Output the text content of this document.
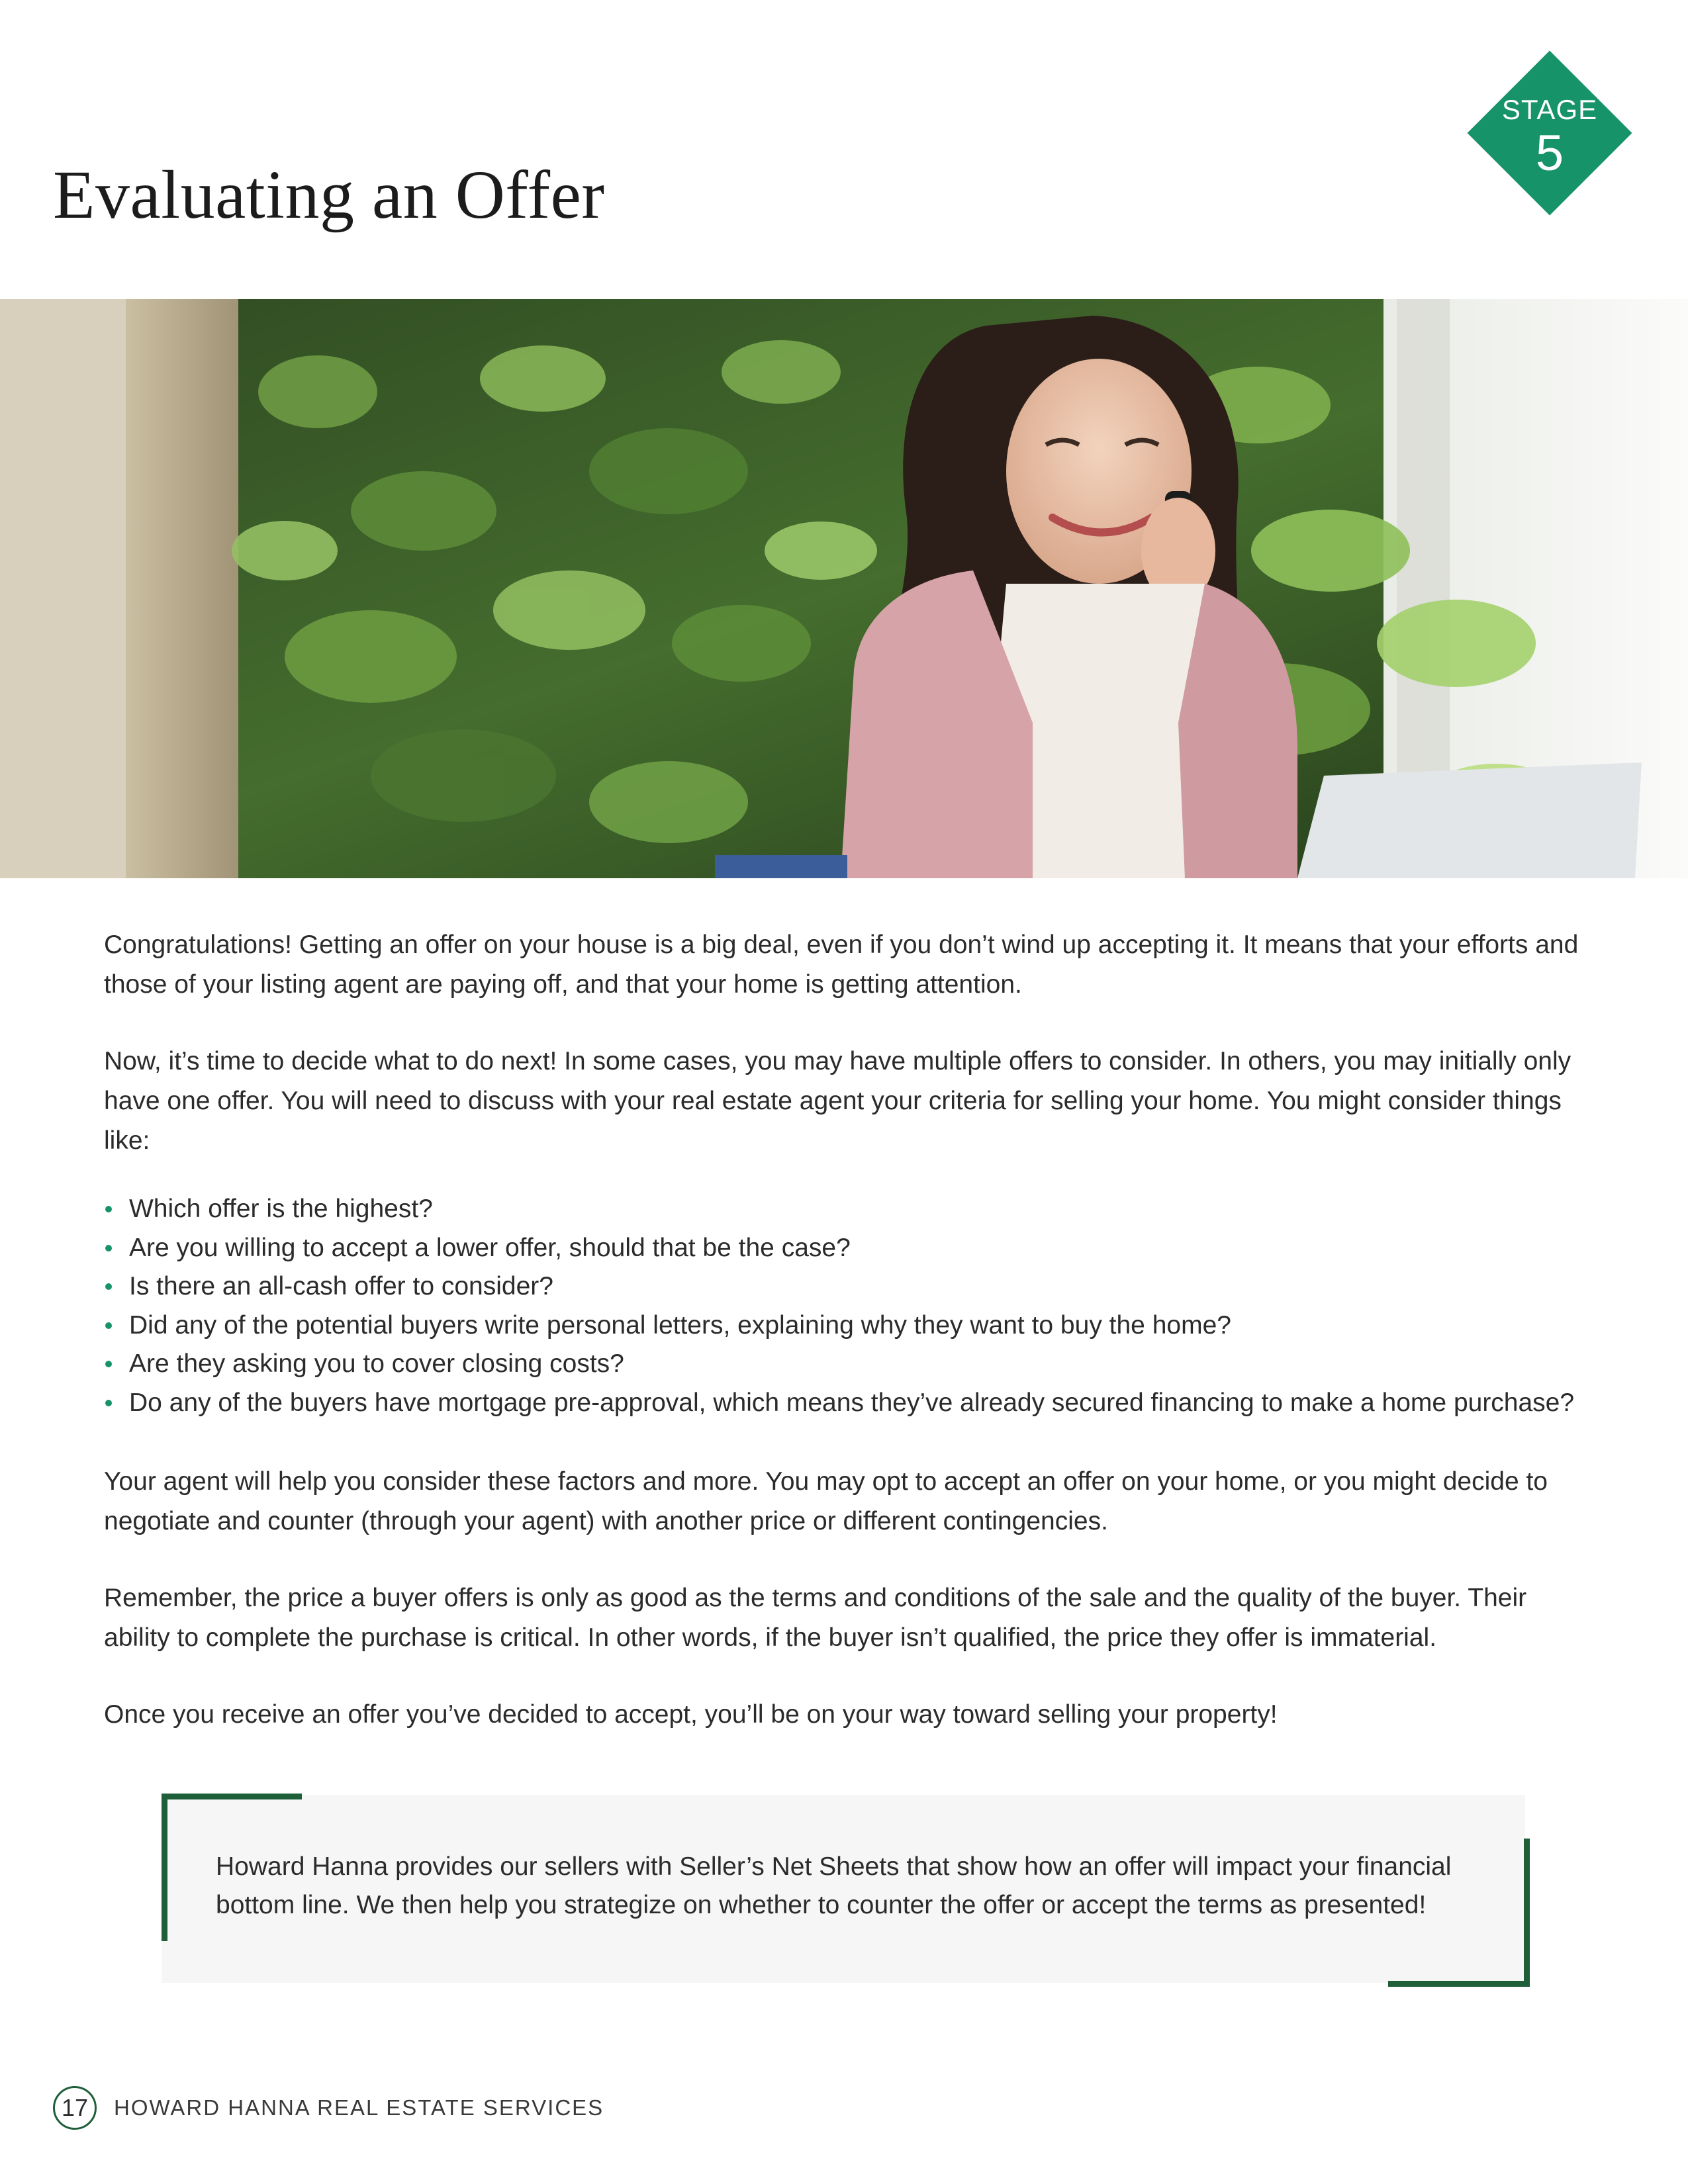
Evaluating an Offer
STAGE
5

Congratulations! Getting an offer on your house is a big deal, even if you don’t wind up accepting it. It means that your efforts and those of your listing agent are paying off, and that your home is getting attention.

Now, it’s time to decide what to do next! In some cases, you may have multiple offers to consider. In others, you may initially only have one offer. You will need to discuss with your real estate agent your criteria for selling your home. You might consider things like:

Which offer is the highest?
Are you willing to accept a lower offer, should that be the case?
Is there an all-cash offer to consider?
Did any of the potential buyers write personal letters, explaining why they want to buy the home?
Are they asking you to cover closing costs?
Do any of the buyers have mortgage pre-approval, which means they’ve already secured financing to make a home purchase?

Your agent will help you consider these factors and more. You may opt to accept an offer on your home, or you might decide to negotiate and counter (through your agent) with another price or different contingencies.

Remember, the price a buyer offers is only as good as the terms and conditions of the sale and the quality of the buyer. Their ability to complete the purchase is critical. In other words, if the buyer isn’t qualified, the price they offer is immaterial.

Once you receive an offer you’ve decided to accept, you’ll be on your way toward selling your property!

Howard Hanna provides our sellers with Seller’s Net Sheets that show how an offer will impact your financial bottom line. We then help you strategize on whether to counter the offer or accept the terms as presented!

17	HOWARD HANNA REAL ESTATE SERVICES
